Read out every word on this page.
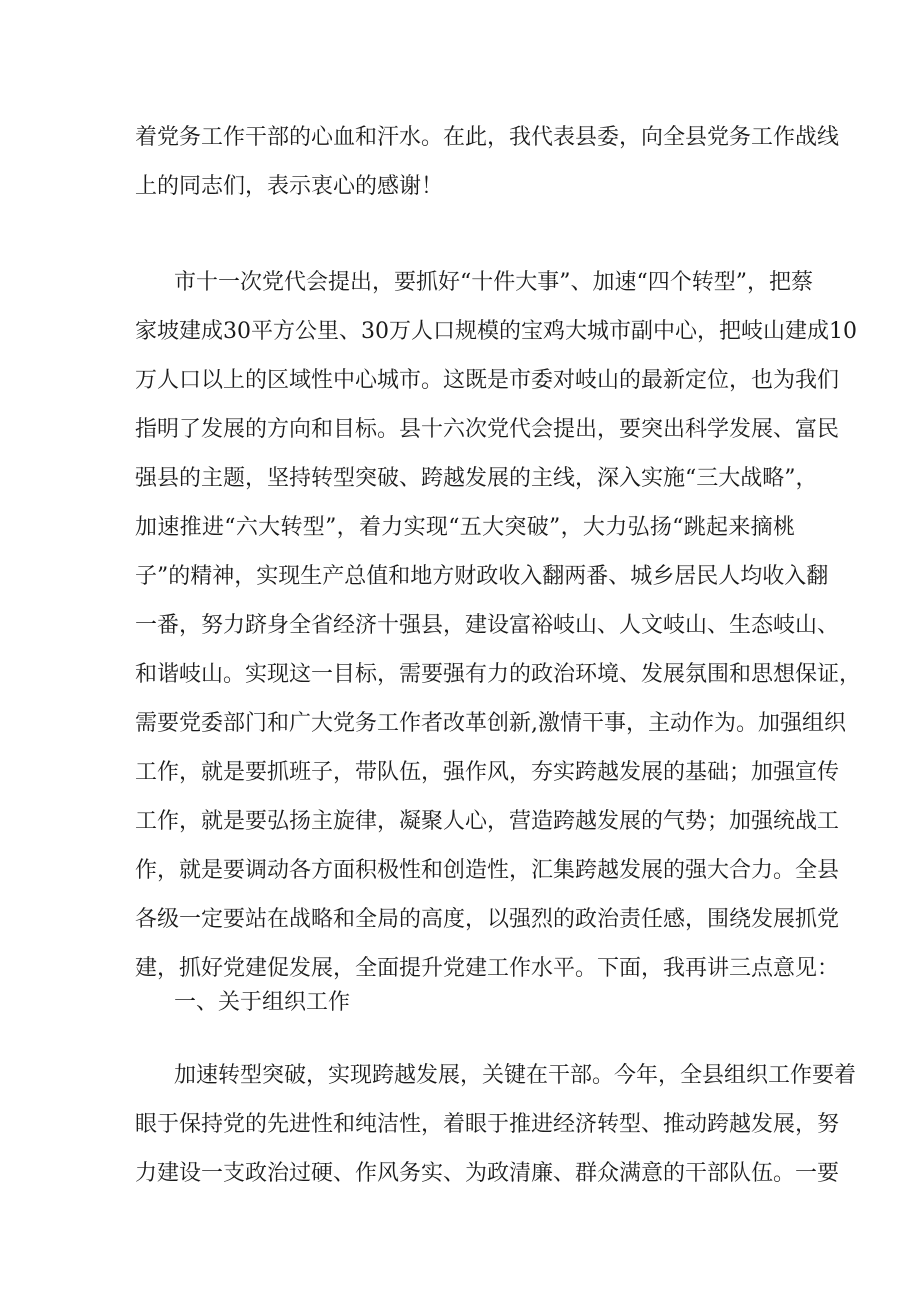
着党务工作干部的心血和汗水。在此，我代表县委，向全县党务工作战线
上的同志们，表示衷心的感谢！
市十一次党代会提出，要抓好“十件大事”、加速“四个转型”，把蔡
家坡建成30平方公里、30万人口规模的宝鸡大城市副中心，把岐山建成10
万人口以上的区域性中心城市。这既是市委对岐山的最新定位，也为我们
指明了发展的方向和目标。县十六次党代会提出，要突出科学发展、富民
强县的主题，坚持转型突破、跨越发展的主线，深入实施“三大战略”，
加速推进“六大转型”，着力实现“五大突破”，大力弘扬“跳起来摘桃
子”的精神，实现生产总值和地方财政收入翻两番、城乡居民人均收入翻
一番，努力跻身全省经济十强县，建设富裕岐山、人文岐山、生态岐山、
和谐岐山。实现这一目标，需要强有力的政治环境、发展氛围和思想保证，
需要党委部门和广大党务工作者改革创新,激情干事，主动作为。加强组织
工作，就是要抓班子，带队伍，强作风，夯实跨越发展的基础；加强宣传
工作，就是要弘扬主旋律，凝聚人心，营造跨越发展的气势；加强统战工
作，就是要调动各方面积极性和创造性，汇集跨越发展的强大合力。全县
各级一定要站在战略和全局的高度，以强烈的政治责任感，围绕发展抓党
建，抓好党建促发展，全面提升党建工作水平。下面，我再讲三点意见：
一、关于组织工作
加速转型突破，实现跨越发展，关键在干部。今年，全县组织工作要着
眼于保持党的先进性和纯洁性，着眼于推进经济转型、推动跨越发展，努
力建设一支政治过硬、作风务实、为政清廉、群众满意的干部队伍。一要
